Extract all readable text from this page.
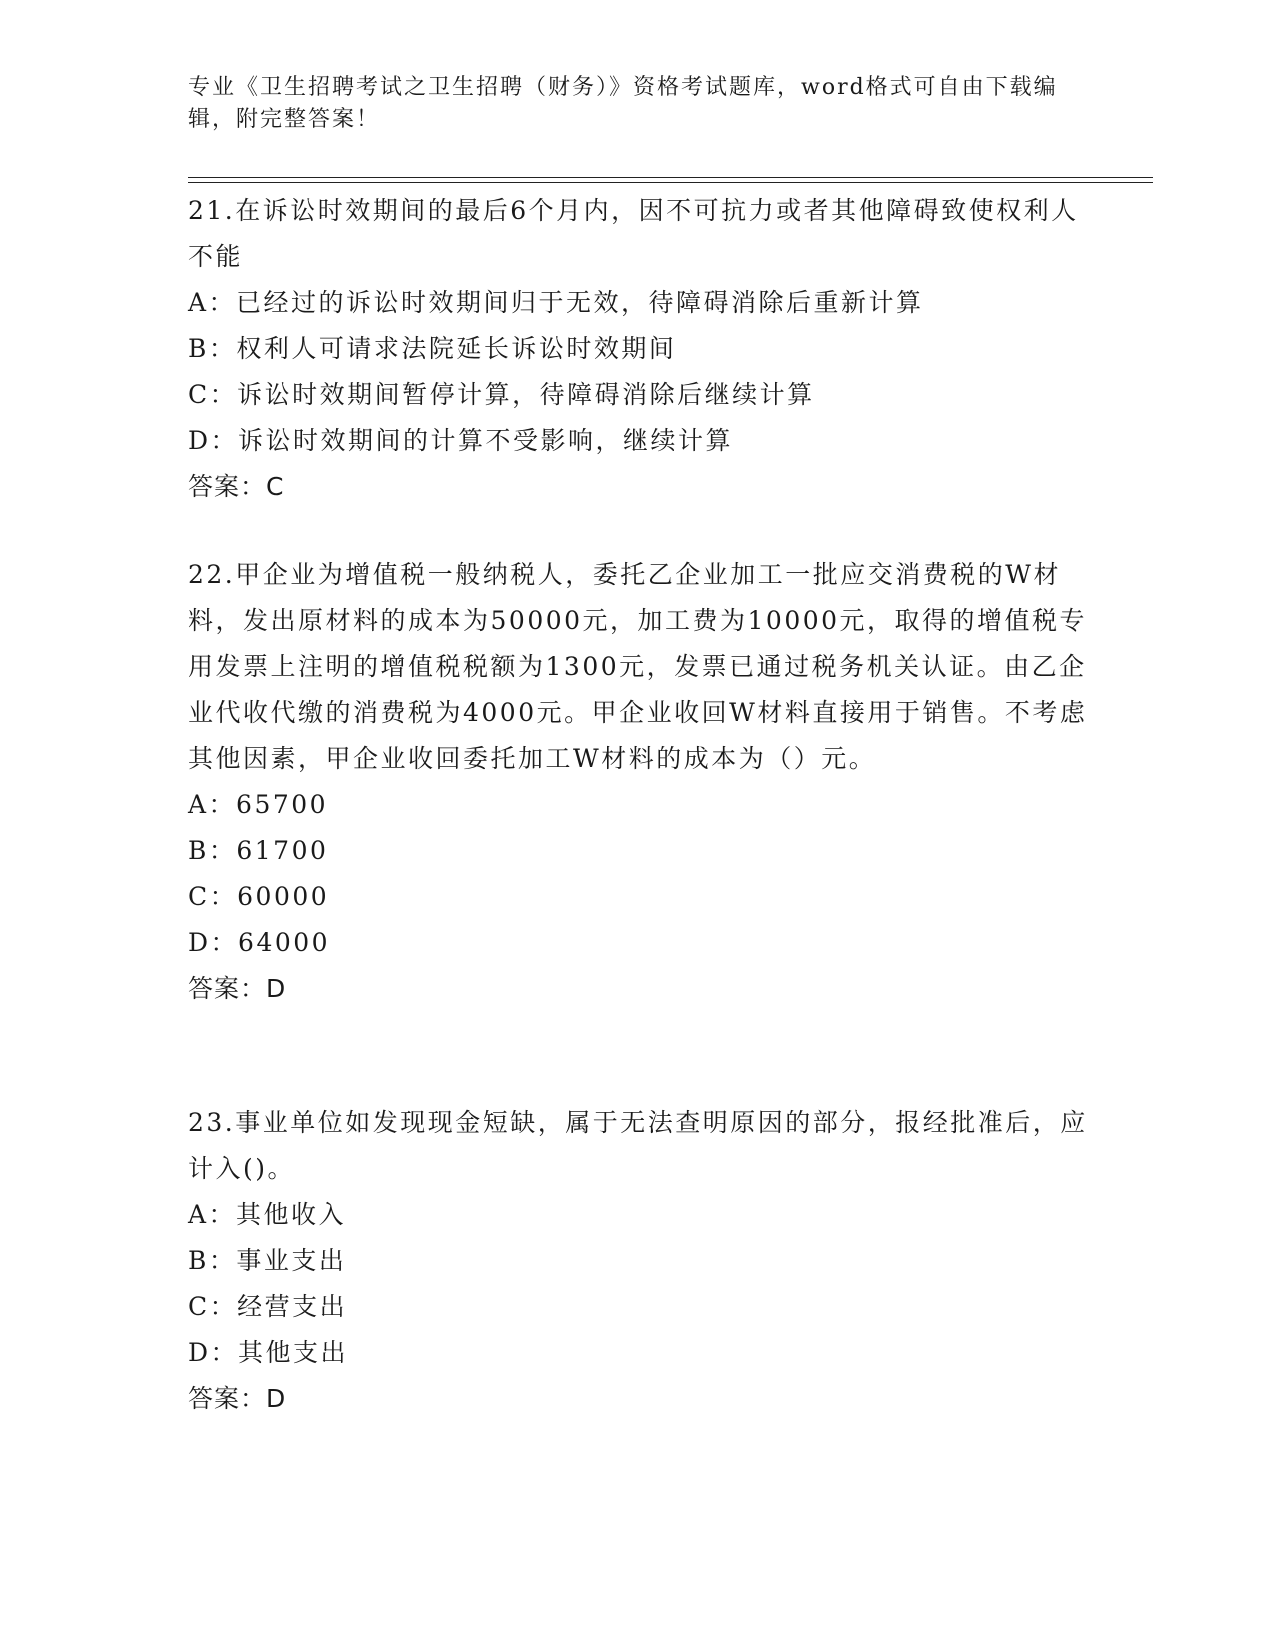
专业《卫生招聘考试之卫生招聘（财务）》资格考试题库，word格式可自由下载编辑，附完整答案！

21.在诉讼时效期间的最后6个月内，因不可抗力或者其他障碍致使权利人不能

A：已经过的诉讼时效期间归于无效，待障碍消除后重新计算

B：权利人可请求法院延长诉讼时效期间

C：诉讼时效期间暂停计算，待障碍消除后继续计算

D：诉讼时效期间的计算不受影响，继续计算

答案：C

22.甲企业为增值税一般纳税人，委托乙企业加工一批应交消费税的W材料，发出原材料的成本为50000元，加工费为10000元，取得的增值税专用发票上注明的增值税税额为1300元，发票已通过税务机关认证。由乙企业代收代缴的消费税为4000元。甲企业收回W材料直接用于销售。不考虑其他因素，甲企业收回委托加工W材料的成本为（）元。

A：65700

B：61700

C：60000

D：64000

答案：D

23.事业单位如发现现金短缺，属于无法查明原因的部分，报经批准后，应计入()。

A：其他收入

B：事业支出

C：经营支出

D：其他支出

答案：D
